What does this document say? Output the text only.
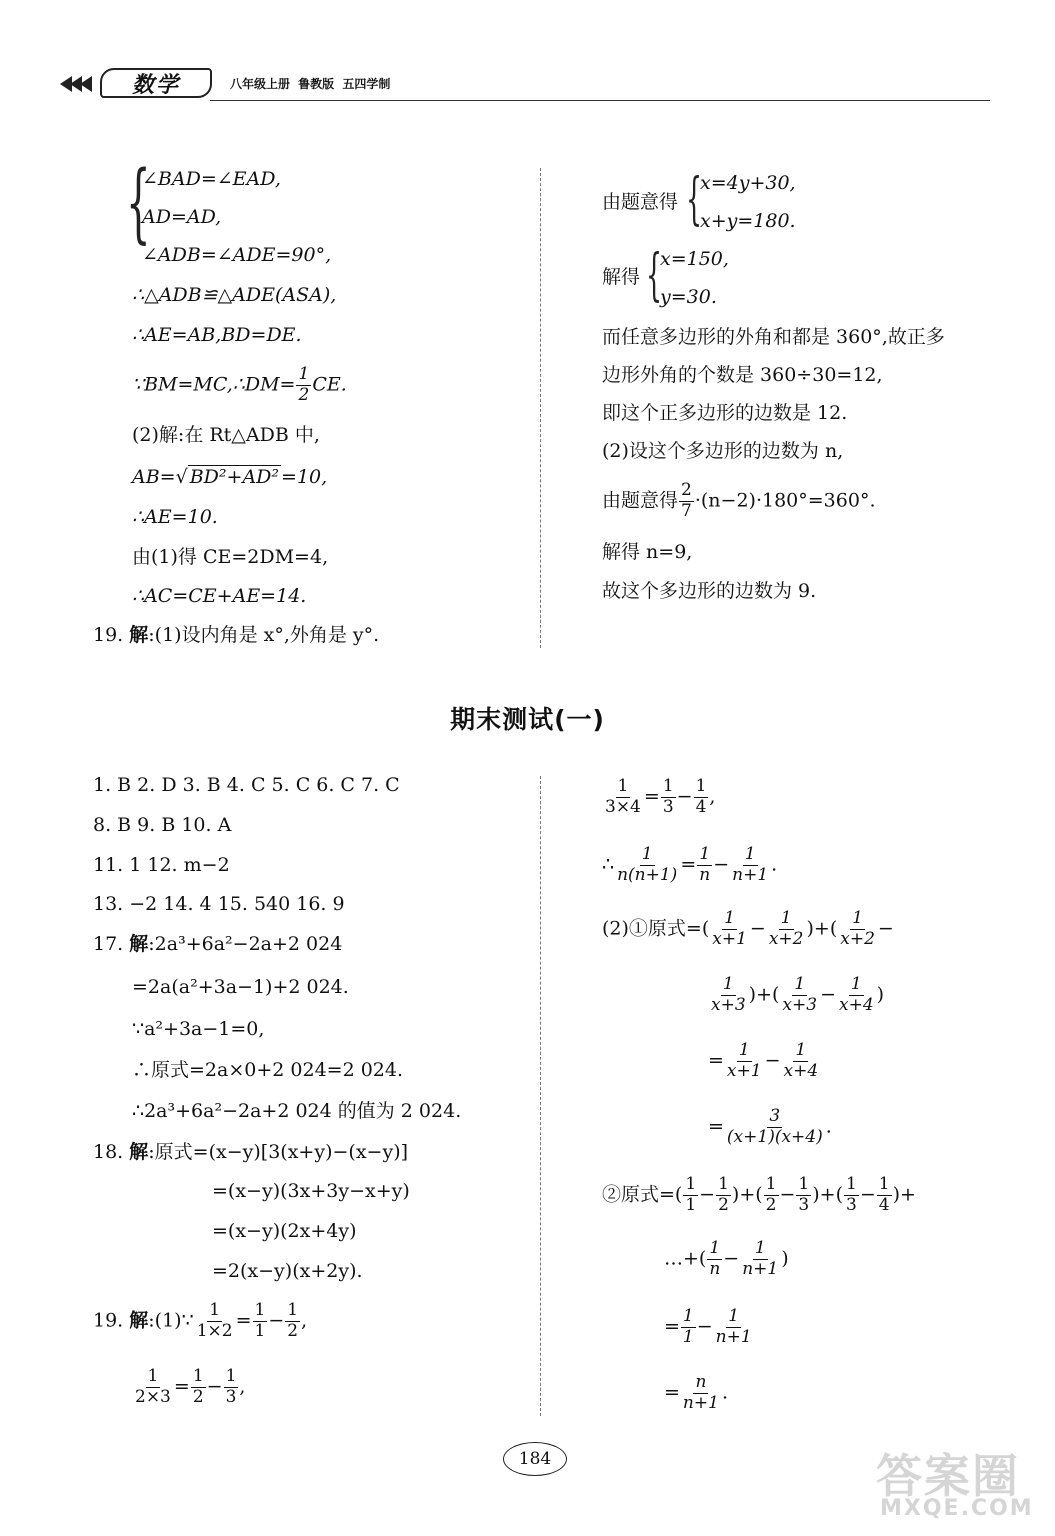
数学	八年级上册 鲁教版 五四学制
{
∠BAD=∠EAD,
AD=AD,
∠ADB=∠ADE=90°,
∴△ADB≌△ADE(ASA),
∴AE=AB,BD=DE.
∵BM=MC,∴DM= $\frac{1}{2}$ CE.
(2)解:在 Rt△ADB 中,
AB=√ BD²+AD² =10,
∴AE=10.
由(1)得 CE=2DM=4,
∴AC=CE+AE=14.
19. 解:(1)设内角是 x°,外角是 y°.
由题意得 {
x=4y+30,
x+y=180.
解得 {
x=150,
y=30.
而任意多边形的外角和都是 360°,故正多
边形外角的个数是 360÷30=12,
即这个正多边形的边数是 12.
(2)设这个多边形的边数为 n,
由题意得 $\frac{2}{7} \cdot(n-2)\cdot 180^\circ=360^\circ$.
解得 n=9,
故这个多边形的边数为 9.
期末测试(一)
1. B 2. D 3. B 4. C 5. C 6. C 7. C
8. B 9. B 10. A
11. 1 12. m−2
13. −2 14. 4 15. 540 16. 9
17. 解:2a³+6a²−2a+2 024
=2a(a²+3a−1)+2 024.
∵a²+3a−1=0,
∴原式=2a×0+2 024=2 024.
∴2a³+6a²−2a+2 024 的值为 2 024.
18. 解:原式=(x−y)[3(x+y)−(x−y)]
=(x−y)(3x+3y−x+y)
=(x−y)(2x+4y)
=2(x−y)(x+2y).
19. 解:(1)∵ $\frac{1}{1\times 2} = \frac{1}{1} - \frac{1}{2}$ ,
$\frac{1}{2\times 3} = \frac{1}{2} - \frac{1}{3}$ ,
$\frac{1}{3\times 4} = \frac{1}{3} - \frac{1}{4}$ ,
∴ $\frac{1}{n(n+1)} = \frac{1}{n} - \frac{1}{n+1}$ .
(2)①原式=( $\frac{1}{x+1} - \frac{1}{x+2}$ )+( $\frac{1}{x+2}$ −
$\frac{1}{x+3}$ )+( $\frac{1}{x+3} - \frac{1}{x+4}$ )
= $\frac{1}{x+1} - \frac{1}{x+4}$
= $\frac{3}{(x+1)(x+4)}$ .
②原式=( $\frac{1}{1} - \frac{1}{2}$ )+( $\frac{1}{2} - \frac{1}{3}$ )+( $\frac{1}{3} - \frac{1}{4}$ )+
…+( $\frac{1}{n} - \frac{1}{n+1}$ )
= $\frac{1}{1} - \frac{1}{n+1}$
= $\frac{n}{n+1}$ .
184	答案圈
MXQE.COM
